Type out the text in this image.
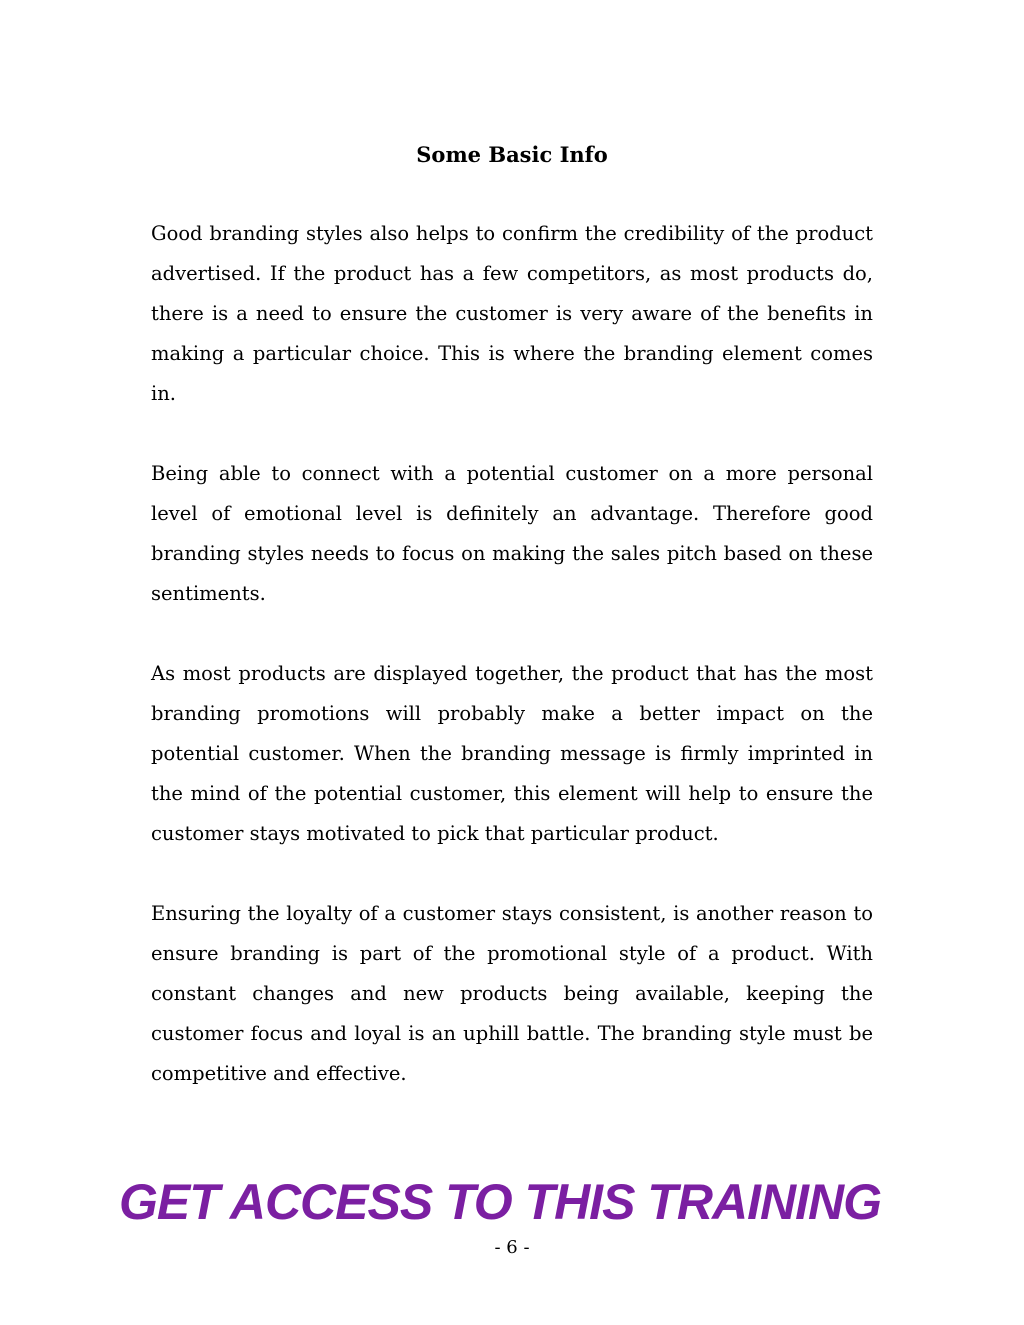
Some Basic Info

Good branding styles also helps to confirm the credibility of the product advertised. If the product has a few competitors, as most products do, there is a need to ensure the customer is very aware of the benefits in making a particular choice. This is where the branding element comes in.

Being able to connect with a potential customer on a more personal level of emotional level is definitely an advantage. Therefore good branding styles needs to focus on making the sales pitch based on these sentiments.

As most products are displayed together, the product that has the most branding promotions will probably make a better impact on the potential customer. When the branding message is firmly imprinted in the mind of the potential customer, this element will help to ensure the customer stays motivated to pick that particular product.

Ensuring the loyalty of a customer stays consistent, is another reason to ensure branding is part of the promotional style of a product. With constant changes and new products being available, keeping the customer focus and loyal is an uphill battle. The branding style must be competitive and effective.

GET ACCESS TO THIS TRAINING
- 6 -
